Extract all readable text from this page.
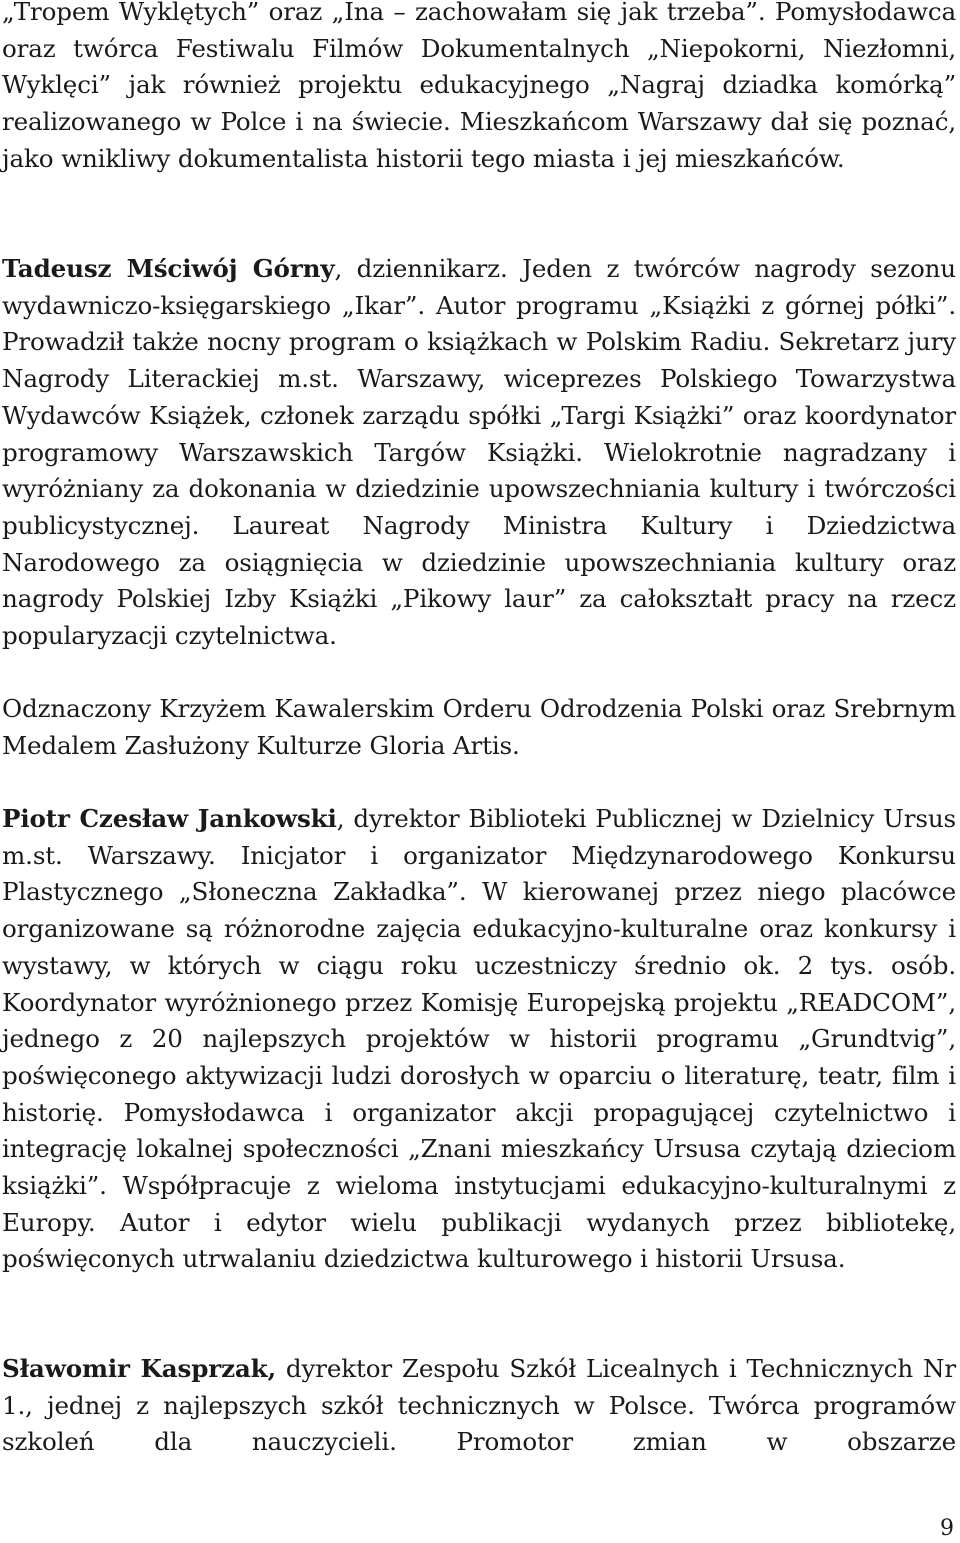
„Tropem Wyklętych” oraz „Ina – zachowałam się jak trzeba”. Pomysłodawca oraz twórca Festiwalu Filmów Dokumentalnych „Niepokorni, Niezłomni, Wyklęci” jak również projektu edukacyjnego „Nagraj dziadka komórką” realizowanego w Polce i na świecie. Mieszkańcom Warszawy dał się poznać, jako wnikliwy dokumentalista historii tego miasta i jej mieszkańców.

Tadeusz Mściwój Górny, dziennikarz. Jeden z twórców nagrody sezonu wydawniczo-księgarskiego „Ikar”. Autor programu „Książki z górnej półki”. Prowadził także nocny program o książkach w Polskim Radiu. Sekretarz jury Nagrody Literackiej m.st. Warszawy, wiceprezes Polskiego Towarzystwa Wydawców Książek, członek zarządu spółki „Targi Książki” oraz koordynator programowy Warszawskich Targów Książki. Wielokrotnie nagradzany i wyróżniany za dokonania w dziedzinie upowszechniania kultury i twórczości publicystycznej. Laureat Nagrody Ministra Kultury i Dziedzictwa Narodowego za osiągnięcia w dziedzinie upowszechniania kultury oraz nagrody Polskiej Izby Książki „Pikowy laur” za całokształt pracy na rzecz popularyzacji czytelnictwa.

Odznaczony Krzyżem Kawalerskim Orderu Odrodzenia Polski oraz Srebrnym Medalem Zasłużony Kulturze Gloria Artis.

Piotr Czesław Jankowski, dyrektor Biblioteki Publicznej w Dzielnicy Ursus m.st. Warszawy. Inicjator i organizator Międzynarodowego Konkursu Plastycznego „Słoneczna Zakładka”. W kierowanej przez niego placówce organizowane są różnorodne zajęcia edukacyjno-kulturalne oraz konkursy i wystawy, w których w ciągu roku uczestniczy średnio ok. 2 tys. osób. Koordynator wyróżnionego przez Komisję Europejską projektu „READCOM”, jednego z 20 najlepszych projektów w historii programu „Grundtvig”, poświęconego aktywizacji ludzi dorosłych w oparciu o literaturę, teatr, film i historię. Pomysłodawca i organizator akcji propagującej czytelnictwo i integrację lokalnej społeczności „Znani mieszkańcy Ursusa czytają dzieciom książki”. Współpracuje z wieloma instytucjami edukacyjno-kulturalnymi z Europy. Autor i edytor wielu publikacji wydanych przez bibliotekę, poświęconych utrwalaniu dziedzictwa kulturowego i historii Ursusa.

Sławomir Kasprzak, dyrektor Zespołu Szkół Licealnych i Technicznych Nr 1., jednej z najlepszych szkół technicznych w Polsce. Twórca programów szkoleń dla nauczycieli. Promotor zmian w obszarze

9
